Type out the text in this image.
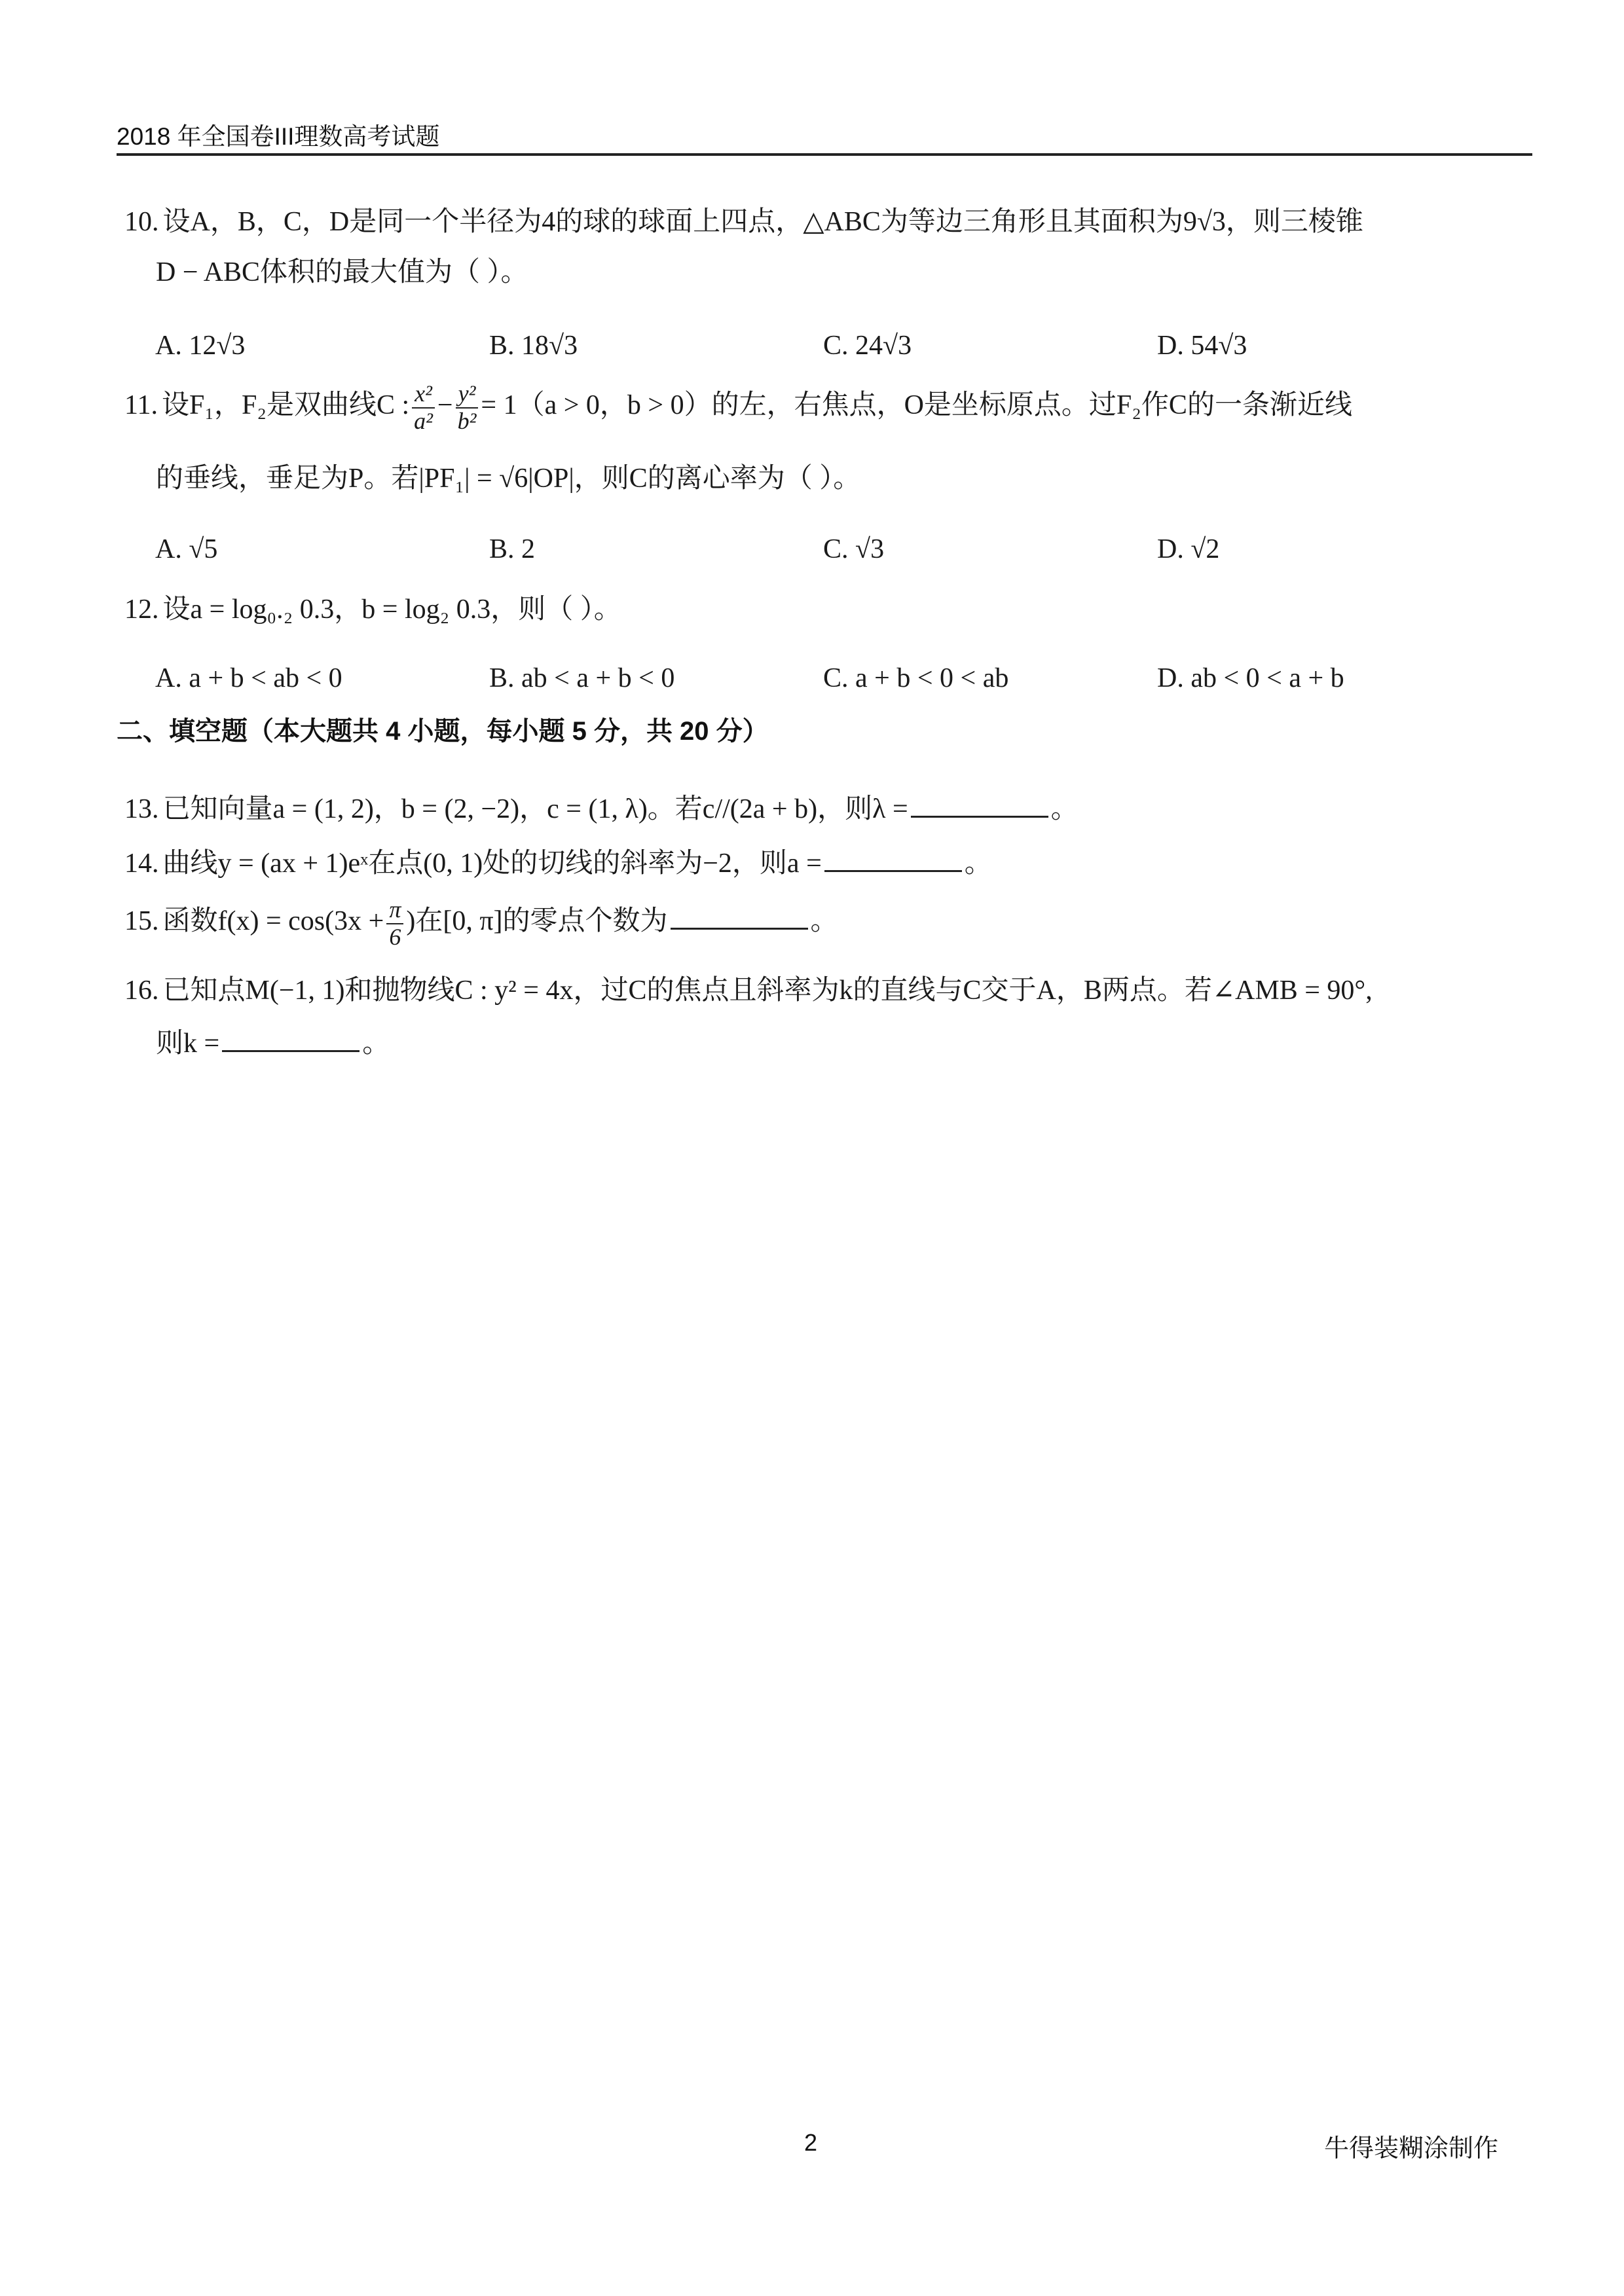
2018 年全国卷III理数高考试题
10. 设A，B，C，D是同一个半径为4的球的球面上四点，△ABC为等边三角形且其面积为9√3，则三棱锥
D − ABC体积的最大值为（ ）。
A. 12√3	B. 18√3	C. 24√3	D. 54√3
11. 设F₁，F₂是双曲线C : $\frac{\text{x²}}{\text{a²}} - \frac{\text{y²}}{\text{b²}} = 1(a > 0$，b > 0）的左，右焦点，O是坐标原点。过F₂作C的一条渐近线
的垂线，垂足为P。若|PF₁| = √6|OP|，则C的离心率为（ ）。
A. √5	B. 2	C. √3	D. √2
12. 设a = log₀.₂ 0.3，b = log₂ 0.3，则（ ）。
A. a + b < ab < 0	B. ab < a + b < 0	C. a + b < 0 < ab	D. ab < 0 < a + b
二、填空题（本大题共 4 小题，每小题 5 分，共 20 分）
13. 已知向量a = (1, 2)，b = (2, −2)，c = (1, λ)。若c//(2a + b)，则λ =	。
14. 曲线y = (ax + 1)eˣ在点(0, 1)处的切线的斜率为−2，则a =	。
15. 函数$f(x) = \cos(3x + \frac{\pi}{6}$ )在[0, π]的零点个数为	。
16. 已知点M(−1, 1)和抛物线C : y² = 4x，过C的焦点且斜率为k的直线与C交于A，B两点。若∠AMB = 90°,
则k =	。
2	牛得装糊涂制作
